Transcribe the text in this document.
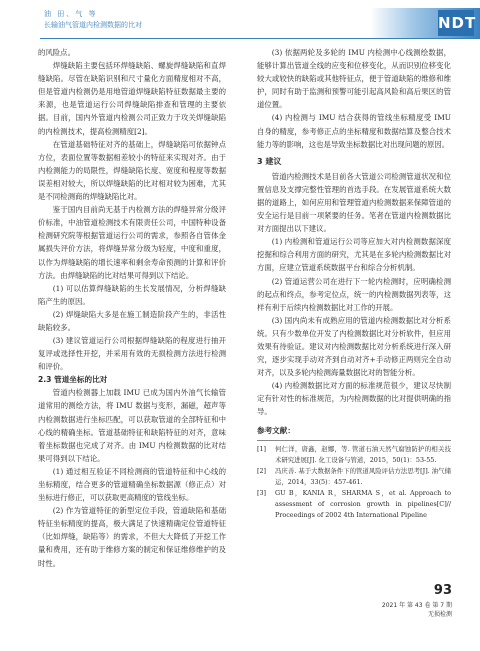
油 田、气 等
长输油气管道内检测数据的比对	NDT

的风险点。

焊缝缺陷主要包括环焊缝缺陷、螺旋焊缝缺陷和直焊缝缺陷。尽管在缺陷识别和尺寸量化方面精度相对不高，但是管道内检测仍是用地管道焊缝缺陷特征数据最主要的来源，也是管道运行公司焊缝缺陷排查和管理的主要依据。目前，国内外管道内检测公司正致力于攻关焊缝缺陷的内检测技术，提高检测精度[2]。

在管道基础特征对齐的基础上，焊缝缺陷可依据钟点方位，表面位置等数据相差较小的特征来实现对齐。由于内检测能力的局限性，焊缝缺陷长度、宽度和程度等数据误差相对较大，所以焊缝缺陷的比对相对较为困难，尤其是不同检测商的焊缝缺陷比对。

鉴于国内目前尚无基于内检测方法的焊缝异常分级评价标准，中油管道检测技术有限责任公司，中国特种设备检测研究院等根据管道运行公司的需求，参照各自管体金属损失评价方法，将焊缝异常分级为轻度，中度和重度，以作为焊缝缺陷的增长速率和剩余寿命预测的计算和评价方法。由焊缝缺陷的比对结果可得到以下结论。

(1) 可以估算焊缝缺陷的生长发展情况，分析焊缝缺陷产生的原因。

(2) 焊缝缺陷大多是在施工制造阶段产生的，非活性缺陷较多。

(3) 建议管道运行公司根据焊缝缺陷的程度进行抽开复评或选择性开挖，并采用有效的无损检测方法进行检测和评价。

2.3 管道坐标的比对

管道内检测器上加载 IMU 已成为国内外油气长输管道常用的测绘方法，将 IMU 数据与变形，漏磁，超声等内检测数据进行坐标匹配，可以获取管道的全部特征和中心线的精确坐标。管道基础特征和缺陷特征的对齐，意味着坐标数据也完成了对齐。由 IMU 内检测数据的比对结果可得到以下结论。

(1) 通过相互验证不同检测商的管道特征和中心线的坐标精度，结合更多的管道精确坐标数据源（修正点）对坐标进行修正，可以获取更高精度的管线坐标。

(2) 作为管道特征的新型定位手段，管道缺陷和基础特征坐标精度的提高，极大满足了快速精确定位管道特征（比如焊缝，缺陷等）的需求，不但大大降低了开挖工作量和费用，还有助于维修方案的制定和保证维修维护的及时性。

(3) 依据两轮及多轮的 IMU 内检测中心线测绘数据，能够计算出管道全线的应变和位移变化，从而识别位移变化较大或较快的缺陷或其他特征点，便于管道缺陷的维修和维护，同时有助于监测和预警可能引起高风险和高后果区的管道位置。

(4) 内检测与 IMU 结合获得的管线坐标精度受 IMU 自身的精度，参考修正点的坐标精度和数据结算及整合技术能力等的影响，这也是导致坐标数据比对出现问题的原因。

3 建议

管道内检测技术是目前各大管道公司检测管道状况和位置信息及支撑完整性管理的首选手段。在发展管道系统大数据的道路上，如何应用和管理管道内检测数据来保障管道的安全运行是目前一项紧要的任务。笔者在管道内检测数据比对方面提出以下建议。

(1) 内检测和管道运行公司等应加大对内检测数据深度挖掘和综合利用方面的研究，尤其是在多轮内检测数据比对方面，应建立管道系统数据平台和综合分析机制。

(2) 管道运营公司在进行下一轮内检测时，应明确检测的起点和终点，参考定位点，统一的内检测数据列表等，这样有利于后续内检测数据比对工作的开展。

(3) 国内尚未有成熟应用的管道内检测数据比对分析系统。只有少数单位开发了内检测数据比对分析软件，但应用效果有待验证。建议对内检测数据比对分析系统进行深入研究，逐步实现手动对齐到自动对齐+手动修正两则完全自动对齐，以及多轮内检测海量数据比对的智能分析。

(4) 内检测数据比对方面的标准规范很少，建议尽快制定有针对性的标准规范，为内检测数据的比对提供明确的指导。

参考文献：
[1]	何仁洋，唐鑫，赵娜，等. 管道石油天然气腐蚀防护的相关技术研究进展[J]. 化工设备与管道，2015，50(1)：53-55.
[2]	冯庆善. 基于大数据条件下的管道风险评估方法思考[J]. 油气储运，2014，33(5)：457-461.
[3]	GU B，KANIA R，SHARMA S，et al. Approach to assessment of corrosion growth in pipelines[C]// Proceedings of 2002 4th International Pipeline
93
2021 年 第 43 卷 第 7 期
无损检测
